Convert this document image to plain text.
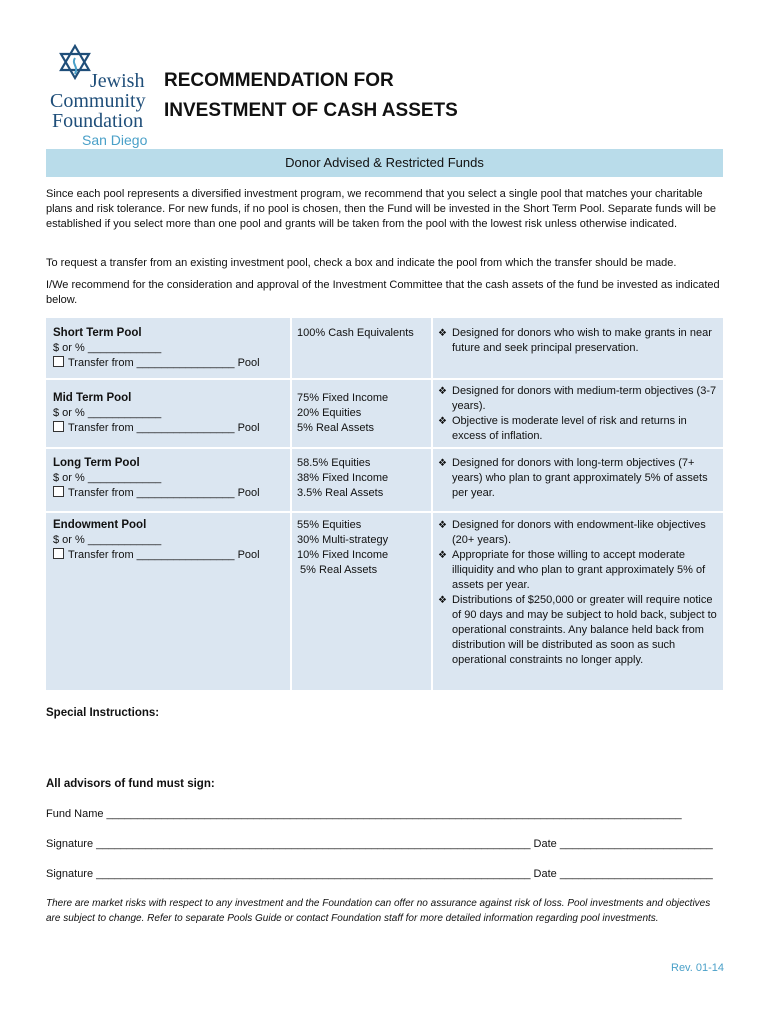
Jewish
Community
Foundation
San Diego
RECOMMENDATION FOR
INVESTMENT OF CASH ASSETS
Donor Advised & Restricted Funds
Since each pool represents a diversified investment program, we recommend that you select a single pool that matches your charitable plans and risk tolerance. For new funds, if no pool is chosen, then the Fund will be invested in the Short Term Pool. Separate funds will be established if you select more than one pool and grants will be taken from the pool with the lowest risk unless otherwise indicated.
To request a transfer from an existing investment pool, check a box and indicate the pool from which the transfer should be made.
I/We recommend for the consideration and approval of the Investment Committee that the cash assets of the fund be invested as indicated below.
Short Term Pool
$ or % ____________
Transfer from ________________ Pool
100% Cash Equivalents
❖	Designed for donors who wish to make grants in near future and seek principal preservation.
Mid Term Pool
$ or % ____________
Transfer from ________________ Pool
75% Fixed Income
20% Equities
5% Real Assets
❖ Designed for donors with medium-term objectives (3-7 years).
❖ Objective is moderate level of risk and returns in excess of inflation.
Long Term Pool
$ or % ____________
Transfer from ________________ Pool
58.5% Equities
38% Fixed Income
3.5% Real Assets
❖ Designed for donors with long-term objectives (7+ years) who plan to grant approximately 5% of assets per year.
Endowment Pool
$ or % ____________
Transfer from ________________ Pool
55% Equities
30% Multi-strategy
10% Fixed Income
5% Real Assets
❖ Designed for donors with endowment-like objectives (20+ years).
❖ Appropriate for those willing to accept moderate illiquidity and who plan to grant approximately 5% of assets per year.
❖ Distributions of $250,000 or greater will require notice of 90 days and may be subject to hold back, subject to operational constraints. Any balance held back from distribution will be distributed as soon as such operational constraints no longer apply.
Special Instructions:
All advisors of fund must sign:
Fund Name ______________________________________________________________________________________________
Signature _______________________________________________________________________ Date _________________________
Signature _______________________________________________________________________ Date _________________________
There are market risks with respect to any investment and the Foundation can offer no assurance against risk of loss. Pool investments and objectives are subject to change. Refer to separate Pools Guide or contact Foundation staff for more detailed information regarding pool investments.
Rev. 01-14
